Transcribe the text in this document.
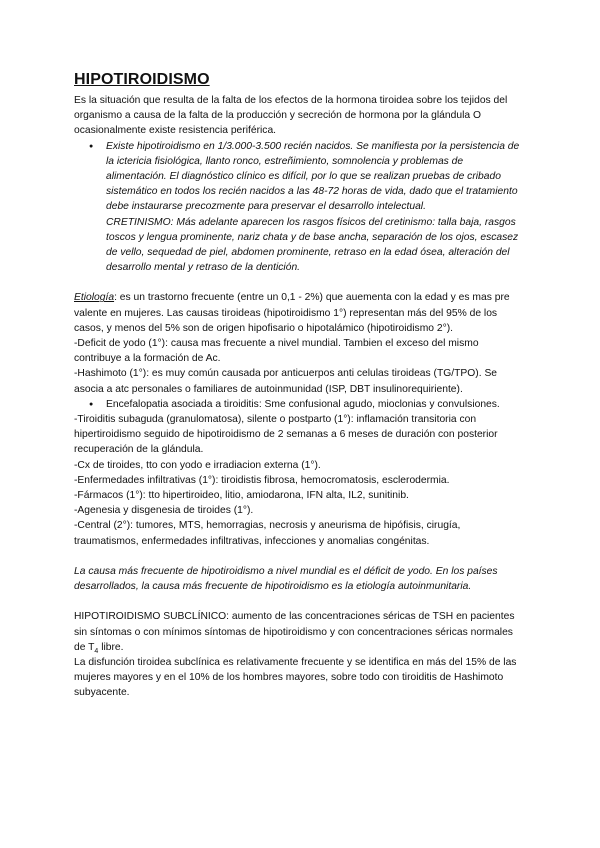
HIPOTIROIDISMO

Es la situación que resulta de la falta de los efectos de la hormona tiroidea sobre los tejidos del organismo a causa de la falta de la producción y secreción de hormona por la glándula O ocasionalmente existe resistencia periférica.

● Existe hipotiroidismo en 1/3.000-3.500 recién nacidos. Se manifiesta por la persistencia de la ictericia fisiológica, llanto ronco, estreñimiento, somnolencia y problemas de alimentación. El diagnóstico clínico es difícil, por lo que se realizan pruebas de cribado sistemático en todos los recién nacidos a las 48-72 horas de vida, dado que el tratamiento debe instaurarse precozmente para preservar el desarrollo intelectual.

CRETINISMO: Más adelante aparecen los rasgos físicos del cretinismo: talla baja, rasgos toscos y lengua prominente, nariz chata y de base ancha, separación de los ojos, escasez de vello, sequedad de piel, abdomen prominente, retraso en la edad ósea, alteración del desarrollo mental y retraso de la dentición.

Etiología: es un trastorno frecuente (entre un 0,1 - 2%) que auementa con la edad y es mas pre

valente en mujeres. Las causas tiroideas (hipotiroidismo 1°) representan más del 95% de los casos, y menos del 5% son de origen hipofisario o hipotalámico (hipotiroidismo 2°).

-Deficit de yodo (1°): causa mas frecuente a nivel mundial. Tambien el exceso del mismo contribuye a la formación de Ac.

-Hashimoto (1°): es muy común causada por anticuerpos anti celulas tiroideas (TG/TPO). Se asocia a atc personales o familiares de autoinmunidad (ISP, DBT insulinorequiriente).

● Encefalopatia asociada a tiroiditis: Sme confusional agudo, mioclonias y convulsiones.

-Tiroiditis subaguda (granulomatosa), silente o postparto (1°): inflamación transitoria con hipertiroidismo seguido de hipotiroidismo de 2 semanas a 6 meses de duración con posterior recuperación de la glándula.

-Cx de tiroides, tto con yodo e irradiacion externa (1°).

-Enfermedades infiltrativas (1°): tiroidistis fibrosa, hemocromatosis, esclerodermia.

-Fármacos (1°): tto hipertiroideo, litio, amiodarona, IFN alta, IL2, sunitinib.

-Agenesia y disgenesia de tiroides (1°).

-Central (2°): tumores, MTS, hemorragias, necrosis y aneurisma de hipófisis, cirugía, traumatismos, enfermedades infiltrativas, infecciones y anomalias congénitas.

La causa más frecuente de hipotiroidismo a nivel mundial es el déficit de yodo. En los países desarrollados, la causa más frecuente de hipotiroidismo es la etiología autoinmunitaria.

HIPOTIROIDISMO SUBCLÍNICO: aumento de las concentraciones séricas de TSH en pacientes sin síntomas o con mínimos síntomas de hipotiroidismo y con concentraciones séricas normales de $T_4$ libre.

La disfunción tiroidea subclínica es relativamente frecuente y se identifica en más del 15% de las mujeres mayores y en el 10% de los hombres mayores, sobre todo con tiroiditis de Hashimoto subyacente.
